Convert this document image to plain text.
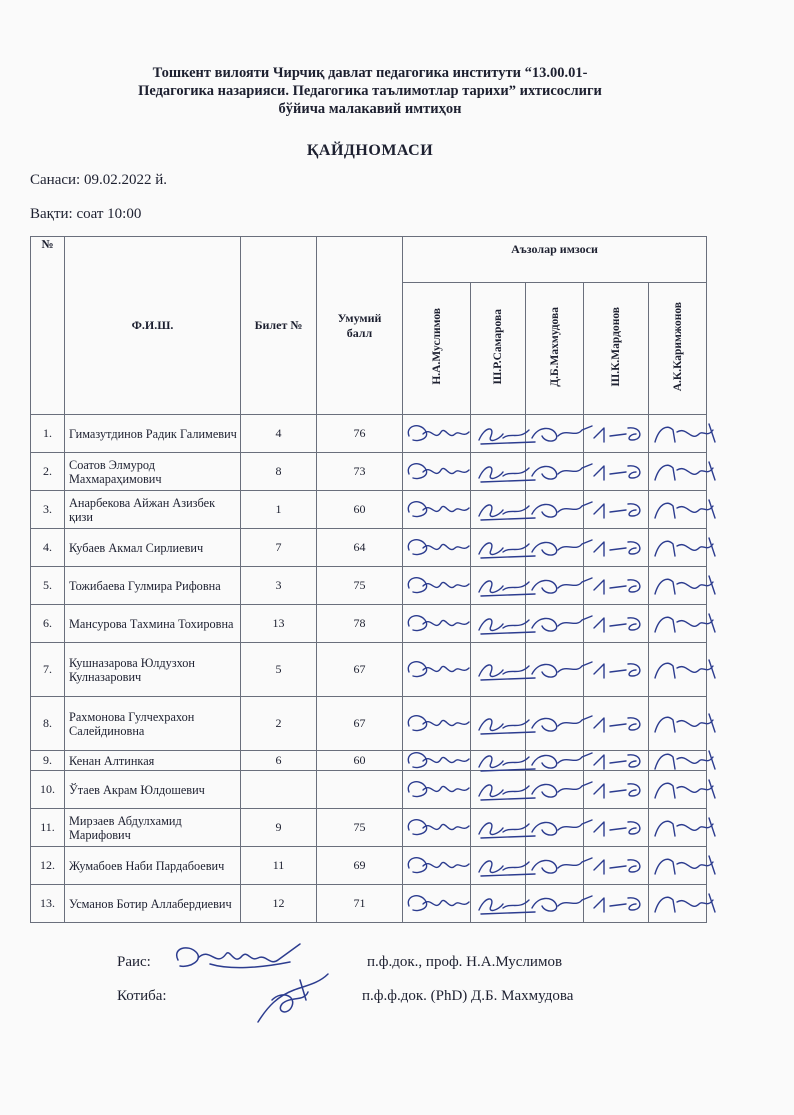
Тошкент вилояти Чирчиқ давлат педагогика институти “13.00.01-
Педагогика назарияси. Педагогика таълимотлар тарихи” ихтисослиги
бўйича малакавий имтиҳон
ҚАЙДНОМАСИ
Санаси: 09.02.2022 й.
Вақти: соат 10:00
№	Ф.И.Ш.	Билет №	Умумий балл	Аъзолар имзоси				
				Н.А.Муслимов	Ш.Р.Самарова	Д.Б.Махмудова	Ш.К.Мардонов	А.К.Каримжонов
1.	Гимазутдинов Радик Галимевич	4	76	

2.	Соатов Элмурод Махмараҳимович	8	73	

3.	Анарбекова Айжан Азизбек қизи	1	60	

4.	Кубаев Акмал Сирлиевич	7	64	

5.	Тожибаева Гулмира Рифовна	3	75	

6.	Мансурова Тахмина Тохировна	13	78	

7.	Кушназарова Юлдузхон Кулназарович	5	67	

8.	Рахмонова Гулчехрахон Салейдиновна	2	67	

9.	Кенан Алтинкая	6	60	

10.	Ўтаев Акрам Юлдошевич			

11.	Мирзаев Абдулхамид Марифович	9	75	

12.	Жумабоев Наби Пардабоевич	11	69	

13.	Усманов Ботир Аллабердиевич	12	71	

Раис:	п.ф.док., проф. Н.А.Муслимов
Котиба:	п.ф.ф.док. (PhD) Д.Б. Махмудова
